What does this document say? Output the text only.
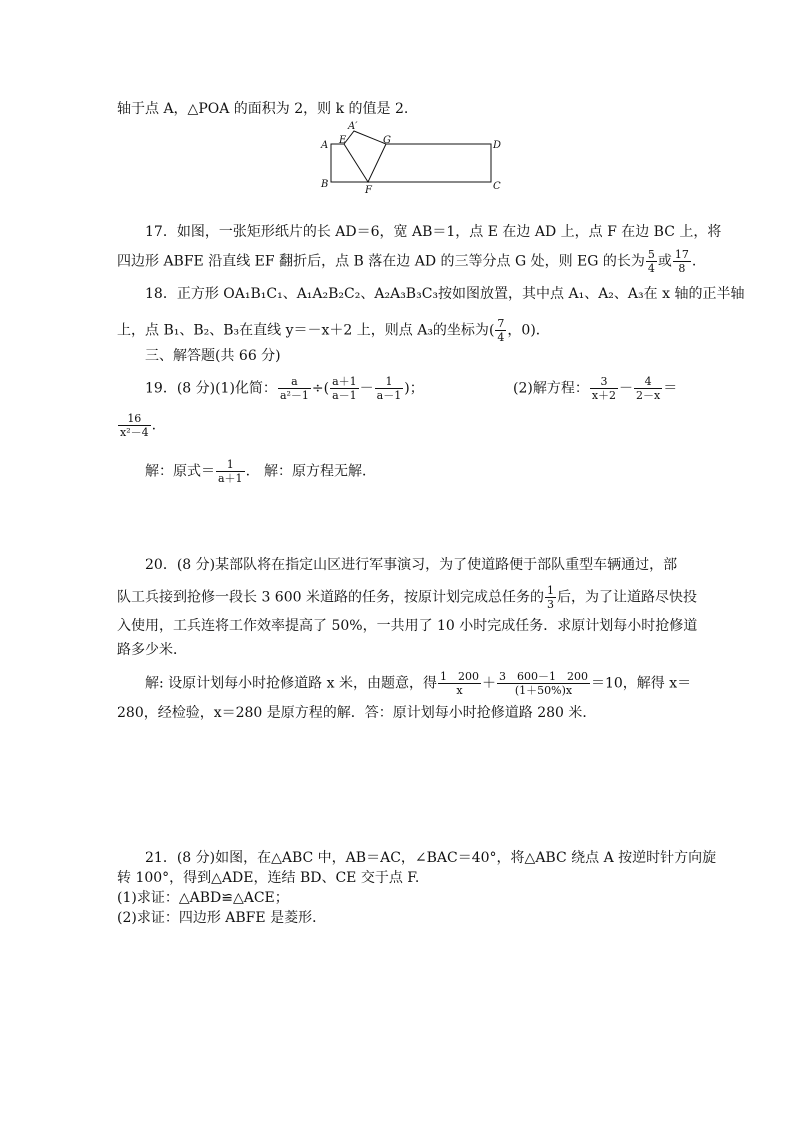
轴于点 A，△POA 的面积为 2，则 k 的值是 2.
A
A′
E	G	D
B
F	C
17．如图，一张矩形纸片的长 AD＝6，宽 AB＝1，点 E 在边 AD 上，点 F 在边 BC 上，将
四边形 ABFE 沿直线 EF 翻折后，点 B 落在边 AD 的三等分点 G 处，则 EG 的长为 $\frac{5}{4}$ 或 $\frac{17}{8}$ .
18．正方形 OA₁B₁C₁、A₁A₂B₂C₂、A₂A₃B₃C₃按如图放置，其中点 A₁、A₂、A₃在 x 轴的正半轴
上，点 B₁、B₂、B₃在直线 y＝－x＋2 上，则点 A₃的坐标为( $\frac{7}{4}$ ，0)．
三、解答题(共 66 分)
19．(8 分)(1)化简： $\frac{a}{\text{a²－1}}$ ÷( $\frac{a+1}{a-1} - \frac{1}{a-1}$ )；	(2)解方程： $\frac{3}{x+2} - \frac{4}{2-x}$ ＝
$\frac{16}{\text{x²－4}}$ .
解：原式＝ $\frac{1}{a+1}$ .　解：原方程无解．
20．(8 分)某部队将在指定山区进行军事演习，为了使道路便于部队重型车辆通过，部
队工兵接到抢修一段长 3 600 米道路的任务，按原计划完成总任务的 $\frac{1}{3}$ 后，为了让道路尽快投
入使用，工兵连将工作效率提高了 50%，一共用了 10 小时完成任务．求原计划每小时抢修道
路多少米．
解: 设原计划每小时抢修道路 x 米，由题意，得 $\frac{1 200}{x} + \frac{3 600-1 200}{(1+50\%)x} =10$，解得 x＝
280，经检验，x＝280 是原方程的解．答：原计划每小时抢修道路 280 米．
21．(8 分)如图，在△ABC 中，AB＝AC，∠BAC＝40°，将△ABC 绕点 A 按逆时针方向旋
转 100°，得到△ADE，连结 BD、CE 交于点 F.
(1)求证：△ABD≌△ACE；
(2)求证：四边形 ABFE 是菱形．
